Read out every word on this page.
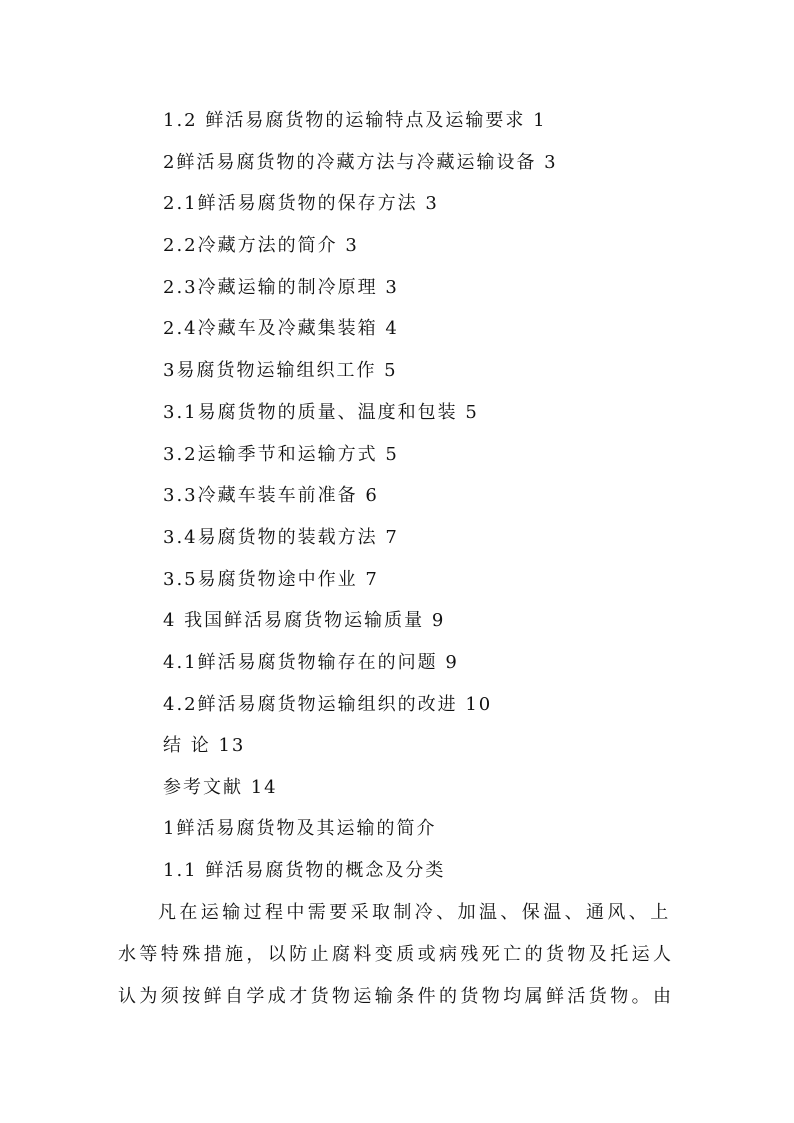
1.2 鲜活易腐货物的运输特点及运输要求 1
2鲜活易腐货物的冷藏方法与冷藏运输设备 3
2.1鲜活易腐货物的保存方法 3
2.2冷藏方法的简介 3
2.3冷藏运输的制冷原理 3
2.4冷藏车及冷藏集装箱 4
3易腐货物运输组织工作 5
3.1易腐货物的质量、温度和包装 5
3.2运输季节和运输方式 5
3.3冷藏车装车前准备 6
3.4易腐货物的装载方法 7
3.5易腐货物途中作业 7
4 我国鲜活易腐货物运输质量 9
4.1鲜活易腐货物输存在的问题 9
4.2鲜活易腐货物运输组织的改进 10
结 论 13
参考文献 14
1鲜活易腐货物及其运输的简介
1.1 鲜活易腐货物的概念及分类
凡在运输过程中需要采取制冷、加温、保温、通风、上
水等特殊措施，以防止腐料变质或病残死亡的货物及托运人
认为须按鲜自学成才货物运输条件的货物均属鲜活货物。由
